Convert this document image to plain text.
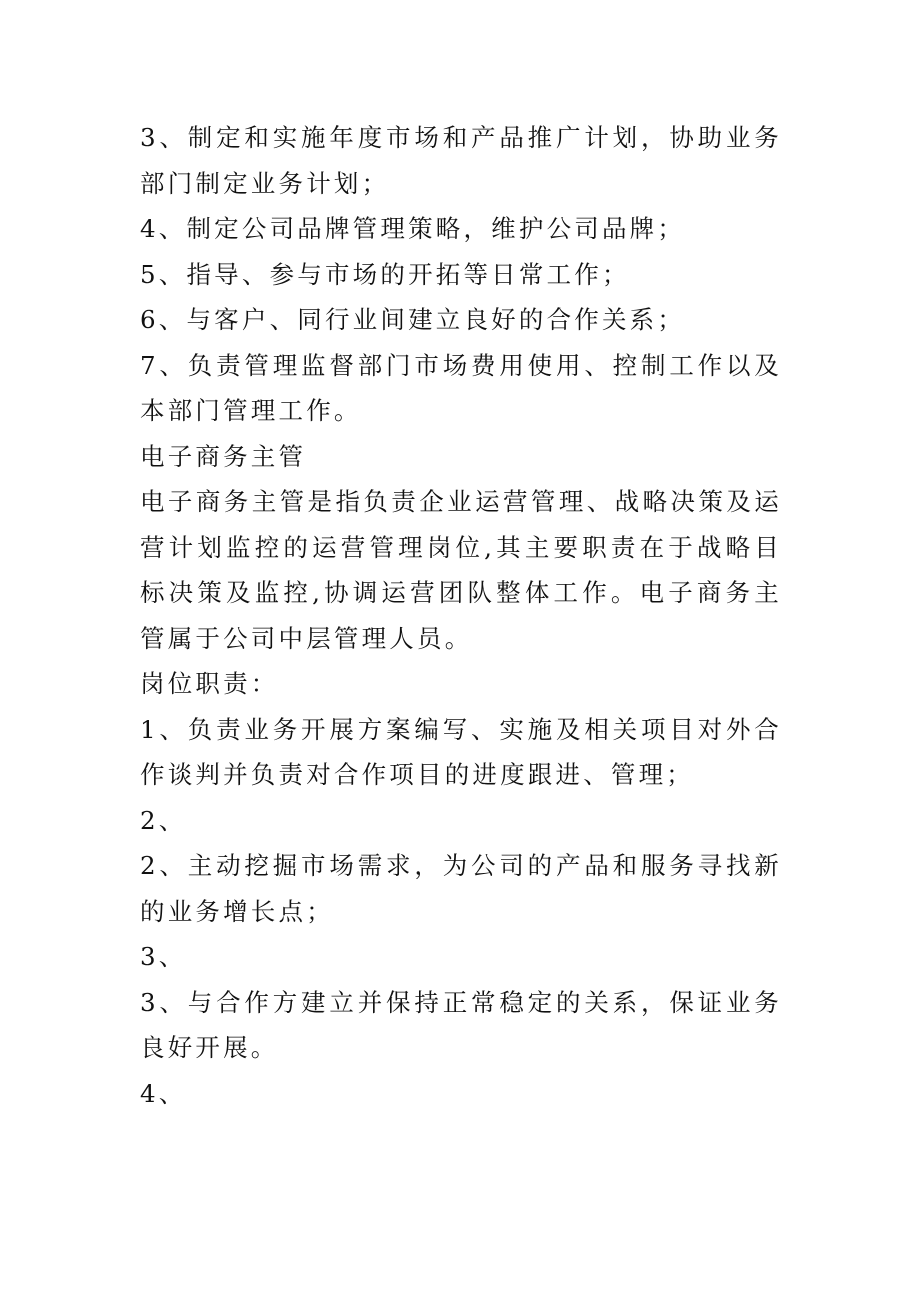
3、制定和实施年度市场和产品推广计划，协助业务部门制定业务计划；

4、制定公司品牌管理策略，维护公司品牌；

5、指导、参与市场的开拓等日常工作；

6、与客户、同行业间建立良好的合作关系；

7、负责管理监督部门市场费用使用、控制工作以及本部门管理工作。

电子商务主管

电子商务主管是指负责企业运营管理、战略决策及运营计划监控的运营管理岗位,其主要职责在于战略目标决策及监控,协调运营团队整体工作。电子商务主管属于公司中层管理人员。

岗位职责：

1、负责业务开展方案编写、实施及相关项目对外合作谈判并负责对合作项目的进度跟进、管理；

2、

2、主动挖掘市场需求，为公司的产品和服务寻找新的业务增长点；

3、

3、与合作方建立并保持正常稳定的关系，保证业务良好开展。

4、
